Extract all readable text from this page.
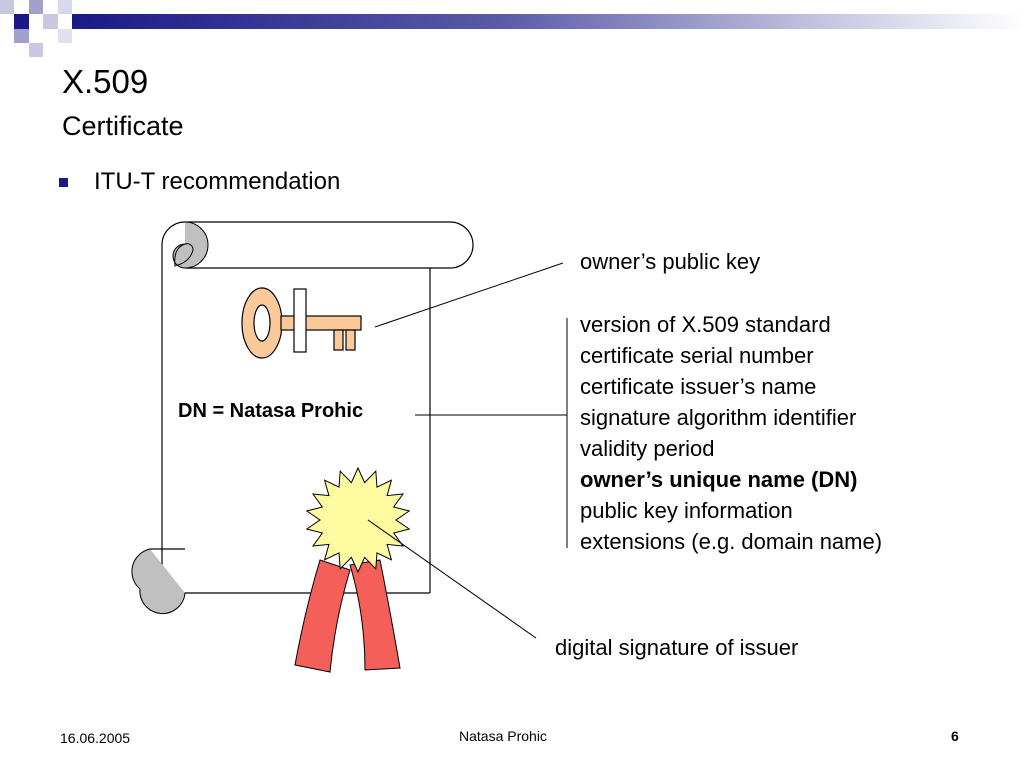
X.509
Certificate
ITU-T recommendation
DN = Natasa Prohic
owner’s public key
version of X.509 standard
certificate serial number
certificate issuer’s name
signature algorithm identifier
validity period
owner’s unique name (DN)
public key information
extensions (e.g. domain name)
digital signature of issuer
16.06.2005	Natasa Prohic	6
